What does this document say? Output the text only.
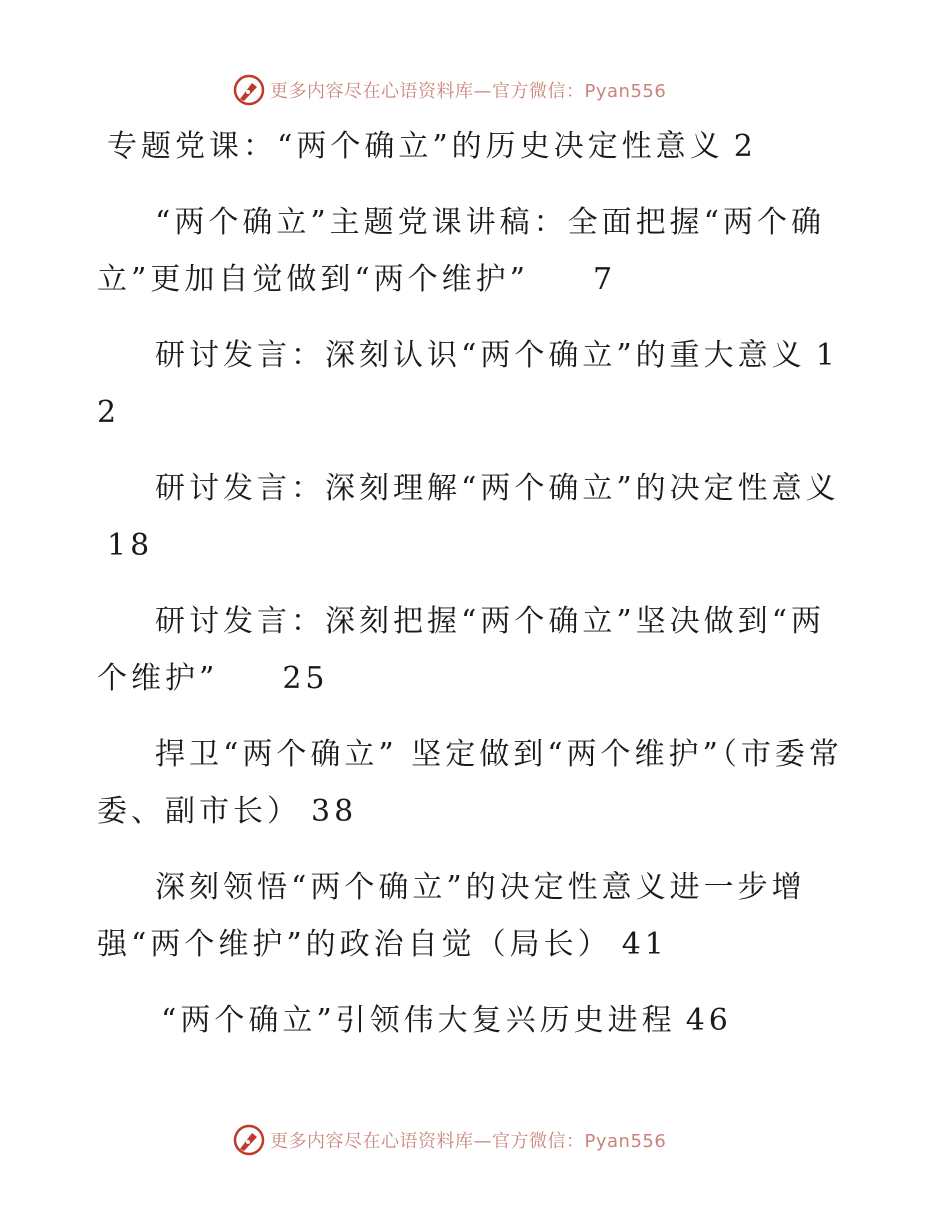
更多内容尽在心语资料库—官方微信：Pyan556
专题党课：“两个确立”的历史决定性意义 2
“两个确立”主题党课讲稿：全面把握“两个确立”更加自觉做到“两个维护” 7
研讨发言：深刻认识“两个确立”的重大意义 12
研讨发言：深刻理解“两个确立”的决定性意义18
研讨发言：深刻把握“两个确立”坚决做到“两个维护” 25
捍卫“两个确立” 坚定做到“两个维护”（市委常委、副市长） 38
深刻领悟“两个确立”的决定性意义进一步增强“两个维护”的政治自觉（局长） 41
“两个确立”引领伟大复兴历史进程 46
更多内容尽在心语资料库—官方微信：Pyan556
